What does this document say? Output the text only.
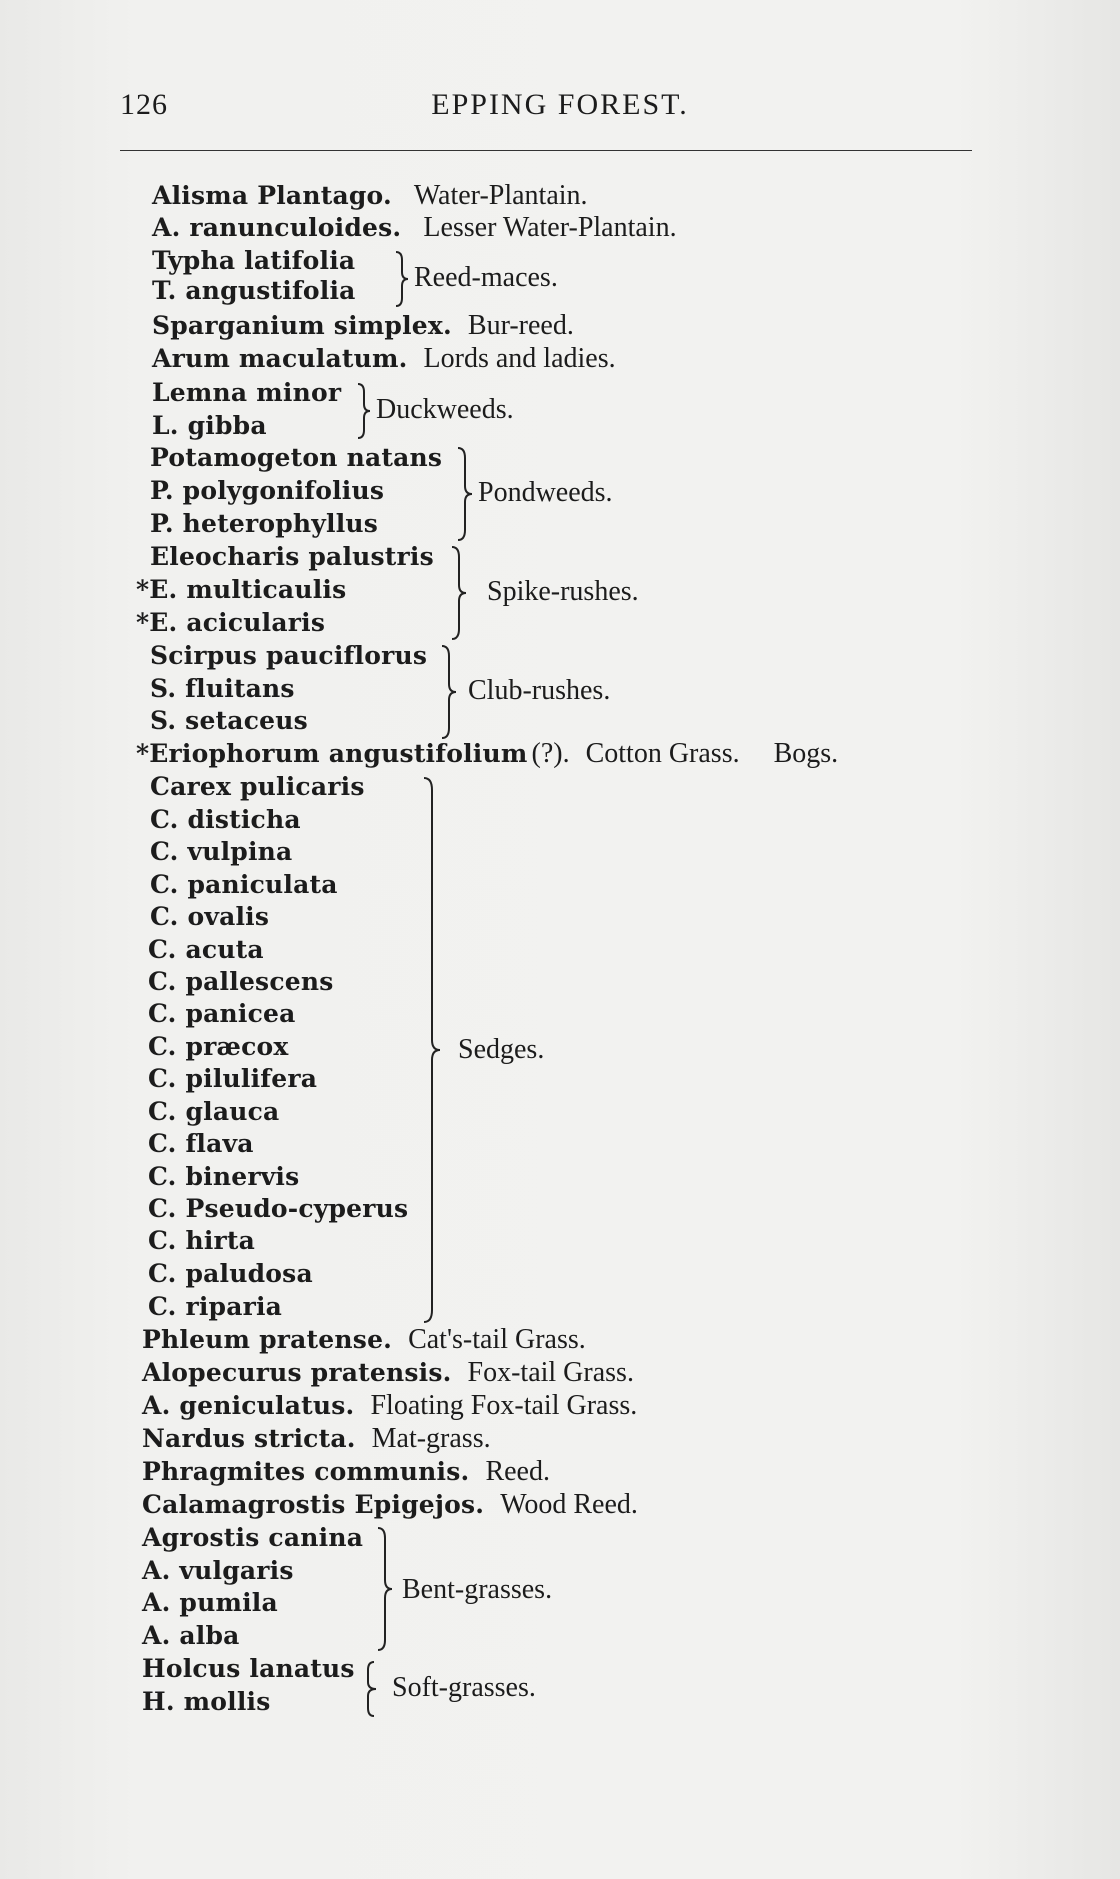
126	EPPING FOREST.
Alisma Plantago. Water-Plantain.
A. ranunculoides. Lesser Water-Plantain.
Typha latifolia
T. angustifolia
Sparganium simplex. Bur-reed.
Arum maculatum. Lords and ladies.
Lemna minor
L. gibba
Potamogeton natans
P. polygonifolius
P. heterophyllus
Eleocharis palustris
*E. multicaulis
*E. acicularis
Scirpus pauciflorus
S. fluitans
S. setaceus
*Eriophorum angustifolium (?). Cotton Grass. Bogs.
Carex pulicaris
C. disticha
C. vulpina
C. paniculata
C. ovalis
C. acuta
C. pallescens
C. panicea
C. præcox
C. pilulifera
C. glauca
C. flava
C. binervis
C. Pseudo-cyperus
C. hirta
C. paludosa
C. riparia
Phleum pratense. Cat's-tail Grass.
Alopecurus pratensis. Fox-tail Grass.
A. geniculatus. Floating Fox-tail Grass.
Nardus stricta. Mat-grass.
Phragmites communis. Reed.
Calamagrostis Epigejos. Wood Reed.
Agrostis canina
A. vulgaris
A. pumila
A. alba
Holcus lanatus
H. mollis
Reed-maces.
Duckweeds.
Pondweeds.
Spike-rushes.
Club-rushes.
Sedges.
Bent-grasses.
Soft-grasses.
